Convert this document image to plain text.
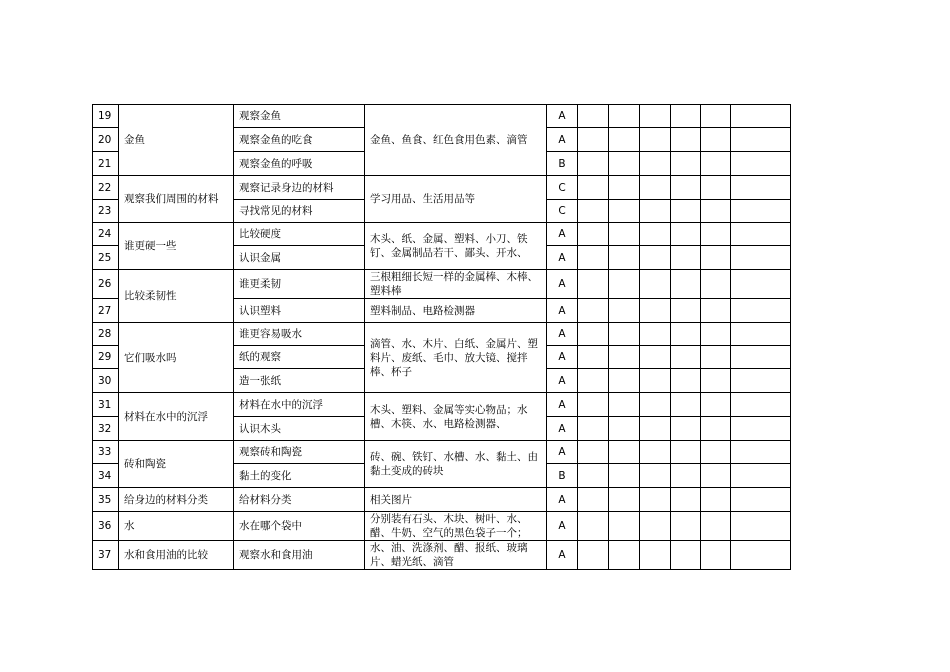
19	金鱼	观察金鱼	金鱼、鱼食、红色食用色素、滴管	A						
20		观察金鱼的吃食		A						
21		观察金鱼的呼吸		B						
22	观察我们周围的材料	观察记录身边的材料	学习用品、生活用品等	C						
23		寻找常见的材料		C						
24	谁更硬一些	比较硬度	木头、纸、金属、塑料、小刀、铁钉、金属制品若干、鄙头、开水、	A						
25		认识金属		A						
26	比较柔韧性	谁更柔韧	三根粗细长短一样的金属棒、木棒、塑料棒	A						
27		认识塑料	塑料制品、电路检测器	A						
28	它们吸水吗	谁更容易吸水	滴管、水、木片、白纸、金属片、塑料片、废纸、毛巾、放大镜、搅拌棒、杯子	A						
29		纸的观察		A						
30		造一张纸		A						
31	材料在水中的沉浮	材料在水中的沉浮	木头、塑料、金属等实心物品；水槽、木筷、水、电路检测器、	A						
32		认识木头		A						
33	砖和陶瓷	观察砖和陶瓷	砖、碗、铁钉、水槽、水、黏土、由黏土变成的砖块	A						
34		黏土的变化		B						
35	给身边的材料分类	给材料分类	相关图片	A						
36	水	水在哪个袋中	分别装有石头、木块、树叶、水、醋、牛奶、空气的黑色袋子一个；	A						
37	水和食用油的比较	观察水和食用油	水、油、洗涤剂、醋、报纸、玻璃片、蜡光纸、滴管	A						
